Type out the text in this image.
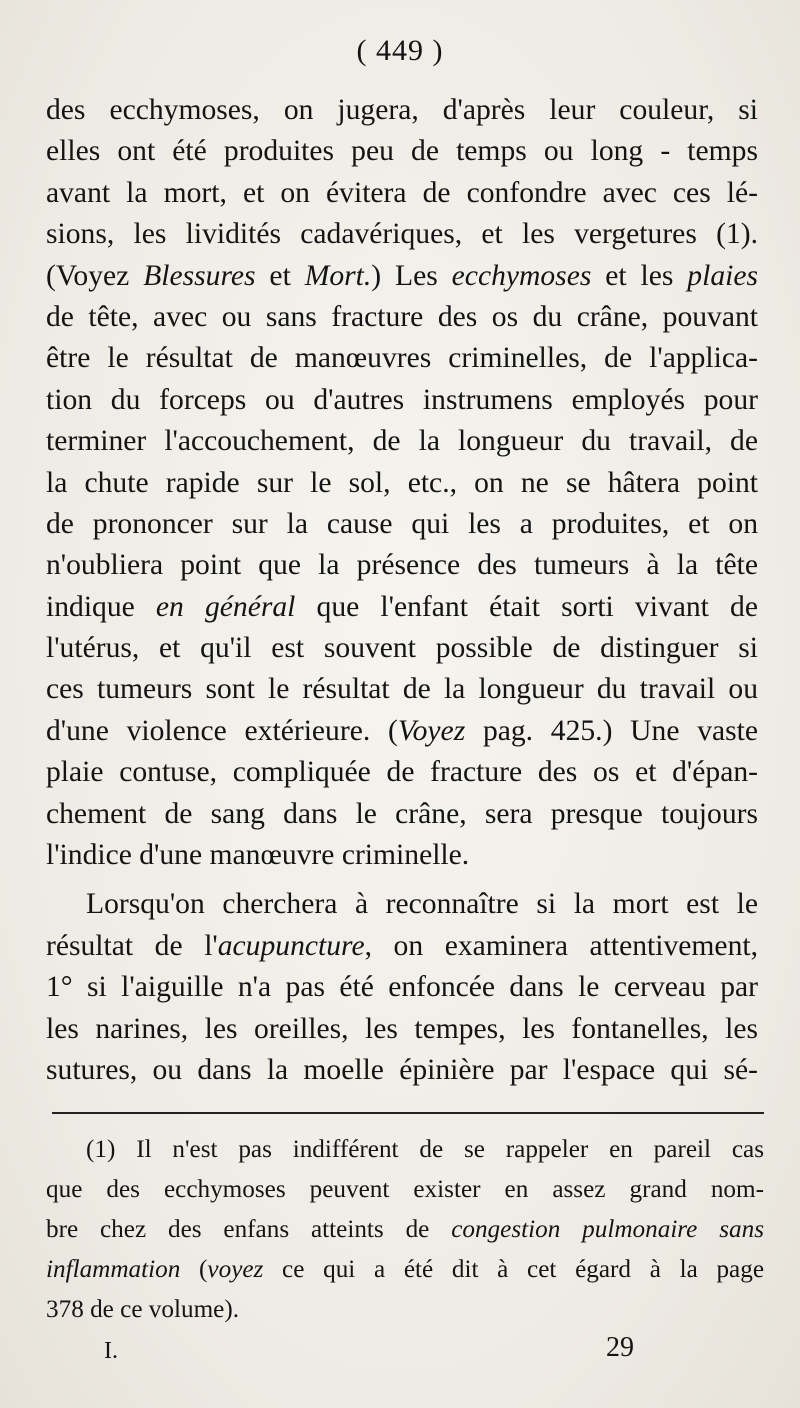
( 449 )
des ecchymoses, on jugera, d'après leur couleur, si
elles ont été produites peu de temps ou long - temps
avant la mort, et on évitera de confondre avec ces lé-
sions, les lividités cadavériques, et les vergetures (1).
(Voyez Blessures et Mort.) Les ecchymoses et les plaies
de tête, avec ou sans fracture des os du crâne, pouvant
être le résultat de manœuvres criminelles, de l'applica-
tion du forceps ou d'autres instrumens employés pour
terminer l'accouchement, de la longueur du travail, de
la chute rapide sur le sol, etc., on ne se hâtera point
de prononcer sur la cause qui les a produites, et on
n'oubliera point que la présence des tumeurs à la tête
indique en général que l'enfant était sorti vivant de
l'utérus, et qu'il est souvent possible de distinguer si
ces tumeurs sont le résultat de la longueur du travail ou
d'une violence extérieure. (Voyez pag. 425.) Une vaste
plaie contuse, compliquée de fracture des os et d'épan-
chement de sang dans le crâne, sera presque toujours
l'indice d'une manœuvre criminelle.
Lorsqu'on cherchera à reconnaître si la mort est le
résultat de l'acupuncture, on examinera attentivement,
1° si l'aiguille n'a pas été enfoncée dans le cerveau par
les narines, les oreilles, les tempes, les fontanelles, les
sutures, ou dans la moelle épinière par l'espace qui sé-
(1) Il n'est pas indifférent de se rappeler en pareil cas
que des ecchymoses peuvent exister en assez grand nom-
bre chez des enfans atteints de congestion pulmonaire sans
inflammation (voyez ce qui a été dit à cet égard à la page
378 de ce volume).
I.	29
